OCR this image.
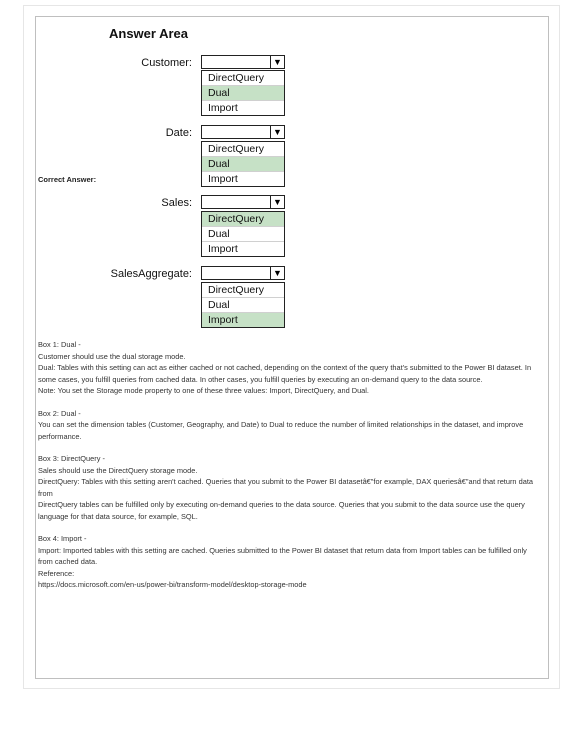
Answer Area
Customer:	▼
DirectQuery
Dual
Import
Date:	▼
DirectQuery
Dual
Import
Correct Answer:
Sales:	▼
DirectQuery
Dual
Import
SalesAggregate:	▼
DirectQuery
Dual
Import

Box 1: Dual -

Customer should use the dual storage mode.

Dual: Tables with this setting can act as either cached or not cached, depending on the context of the query that's submitted to the Power BI dataset. In some cases, you fulfill queries from cached data. In other cases, you fulfill queries by executing an on-demand query to the data source.

Note: You set the Storage mode property to one of these three values: Import, DirectQuery, and Dual.

Box 2: Dual -

You can set the dimension tables (Customer, Geography, and Date) to Dual to reduce the number of limited relationships in the dataset, and improve performance.

Box 3: DirectQuery -

Sales should use the DirectQuery storage mode.

DirectQuery: Tables with this setting aren't cached. Queries that you submit to the Power BI datasetâ€"for example, DAX queriesâ€"and that return data from

DirectQuery tables can be fulfilled only by executing on-demand queries to the data source. Queries that you submit to the data source use the query language for that data source, for example, SQL.

Box 4: Import -

Import: Imported tables with this setting are cached. Queries submitted to the Power BI dataset that return data from Import tables can be fulfilled only from cached data.

Reference:

https://docs.microsoft.com/en-us/power-bi/transform-model/desktop-storage-mode
